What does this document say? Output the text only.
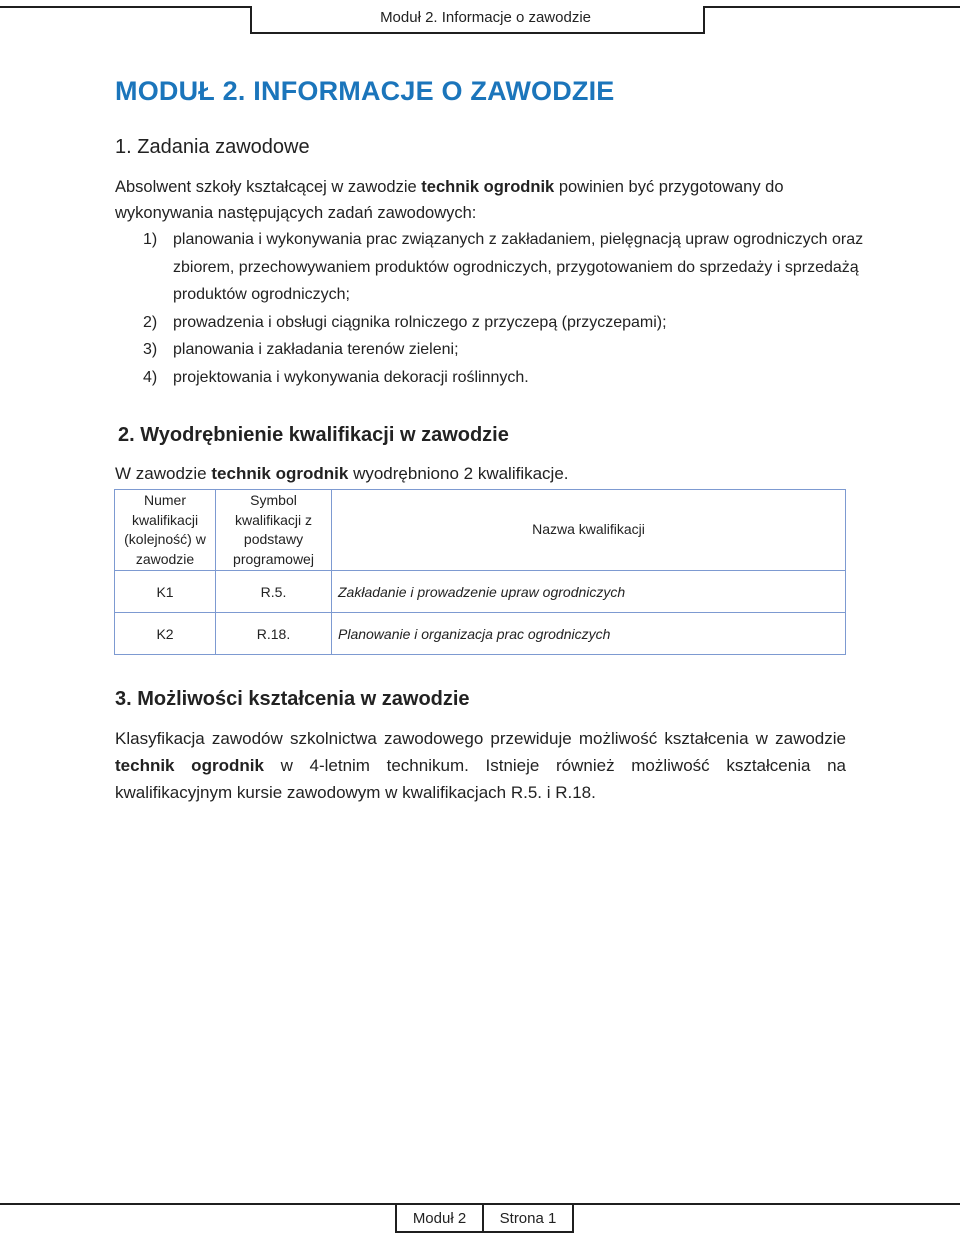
Moduł 2. Informacje o zawodzie
MODUŁ 2. INFORMACJE O ZAWODZIE
1. Zadania zawodowe

Absolwent szkoły kształcącej w zawodzie technik ogrodnik powinien być przygotowany do wykonywania następujących zadań zawodowych:

1) planowania i wykonywania prac związanych z zakładaniem, pielęgnacją upraw ogrodniczych oraz zbiorem, przechowywaniem produktów ogrodniczych, przygotowaniem do sprzedaży i sprzedażą produktów ogrodniczych;
2) prowadzenia i obsługi ciągnika rolniczego z przyczepą (przyczepami);
3) planowania i zakładania terenów zieleni;
4) projektowania i wykonywania dekoracji roślinnych.
2. Wyodrębnienie kwalifikacji w zawodzie

W zawodzie technik ogrodnik wyodrębniono 2 kwalifikacje.

Numer kwalifikacji (kolejność) w zawodzie	Symbol kwalifikacji z podstawy programowej	Nazwa kwalifikacji
K1	R.5.	Zakładanie i prowadzenie upraw ogrodniczych
K2	R.18.	Planowanie i organizacja prac ogrodniczych
3. Możliwości kształcenia w zawodzie

Klasyfikacja zawodów szkolnictwa zawodowego przewiduje możliwość kształcenia w zawodzie technik ogrodnik w 4-letnim technikum. Istnieje również możliwość kształcenia na kwalifikacyjnym kursie zawodowym w kwalifikacjach R.5. i R.18.

Moduł 2	Strona 1
